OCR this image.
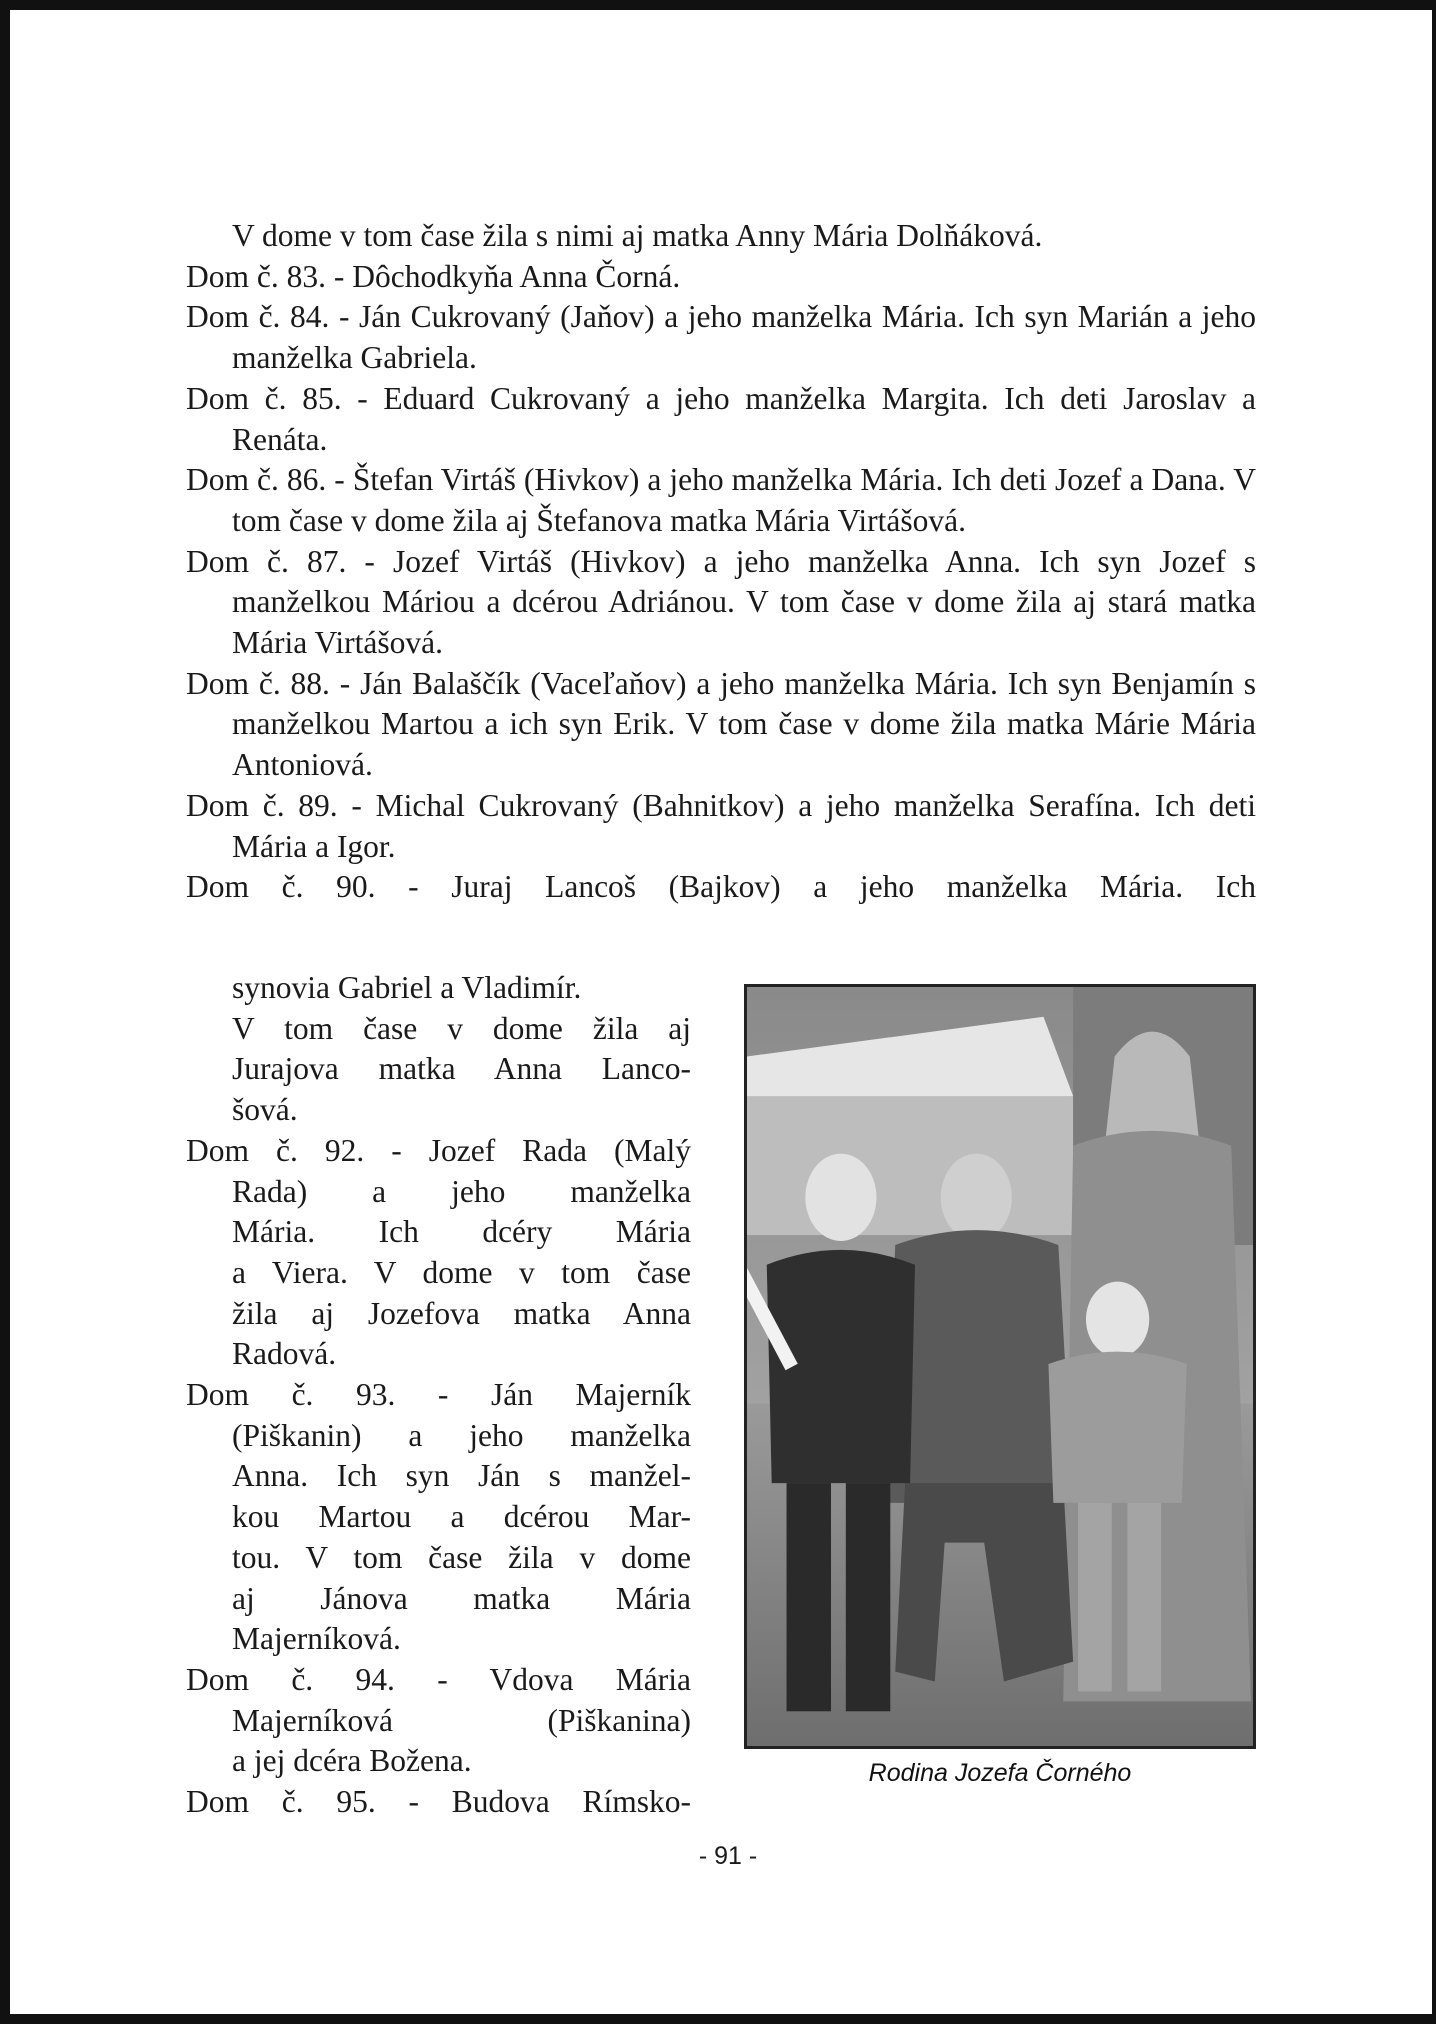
V dome v tom čase žila s nimi aj matka Anny Mária Dolňáková.

Dom č. 83. - Dôchodkyňa Anna Čorná.

Dom č. 84. - Ján Cukrovaný (Jaňov) a jeho manželka Mária. Ich syn Marián a jeho manželka Gabriela.

Dom č. 85. - Eduard Cukrovaný a jeho manželka Margita. Ich deti Jaroslav a Renáta.

Dom č. 86. - Štefan Virtáš (Hivkov) a jeho manželka Mária. Ich deti Jozef a Dana. V tom čase v dome žila aj Štefanova matka Mária Virtášová.

Dom č. 87. - Jozef Virtáš (Hivkov) a jeho manželka Anna. Ich syn Jozef s manželkou Máriou a dcérou Adriánou. V tom čase v dome žila aj stará matka Mária Virtášová.

Dom č. 88. - Ján Balaščík (Vaceľaňov) a jeho manželka Mária. Ich syn Benjamín s manželkou Martou a ich syn Erik. V tom čase v dome žila matka Márie Mária Antoniová.

Dom č. 89. - Michal Cukrovaný (Bahnitkov) a jeho manželka Serafína. Ich deti Mária a Igor.

Dom č. 90. - Juraj Lancoš (Bajkov) a jeho manželka Mária. Ich

synovia Gabriel a Vladimír.

V tom čase v dome žila aj

Jurajova matka Anna Lanco-

šová.

Dom č. 92. - Jozef Rada (Malý

Rada) a jeho manželka

Mária. Ich dcéry Mária

a Viera. V dome v tom čase

žila aj Jozefova matka Anna

Radová.

Dom č. 93. - Ján Majerník

(Piškanin) a jeho manželka

Anna. Ich syn Ján s manžel-

kou Martou a dcérou Mar-

tou. V tom čase žila v dome

aj Jánova matka Mária

Majerníková.

Dom č. 94. - Vdova Mária

Majerníková (Piškanina)

a jej dcéra Božena.

Dom č. 95. - Budova Rímsko-

Rodina Jozefa Čorného
- 91 -
